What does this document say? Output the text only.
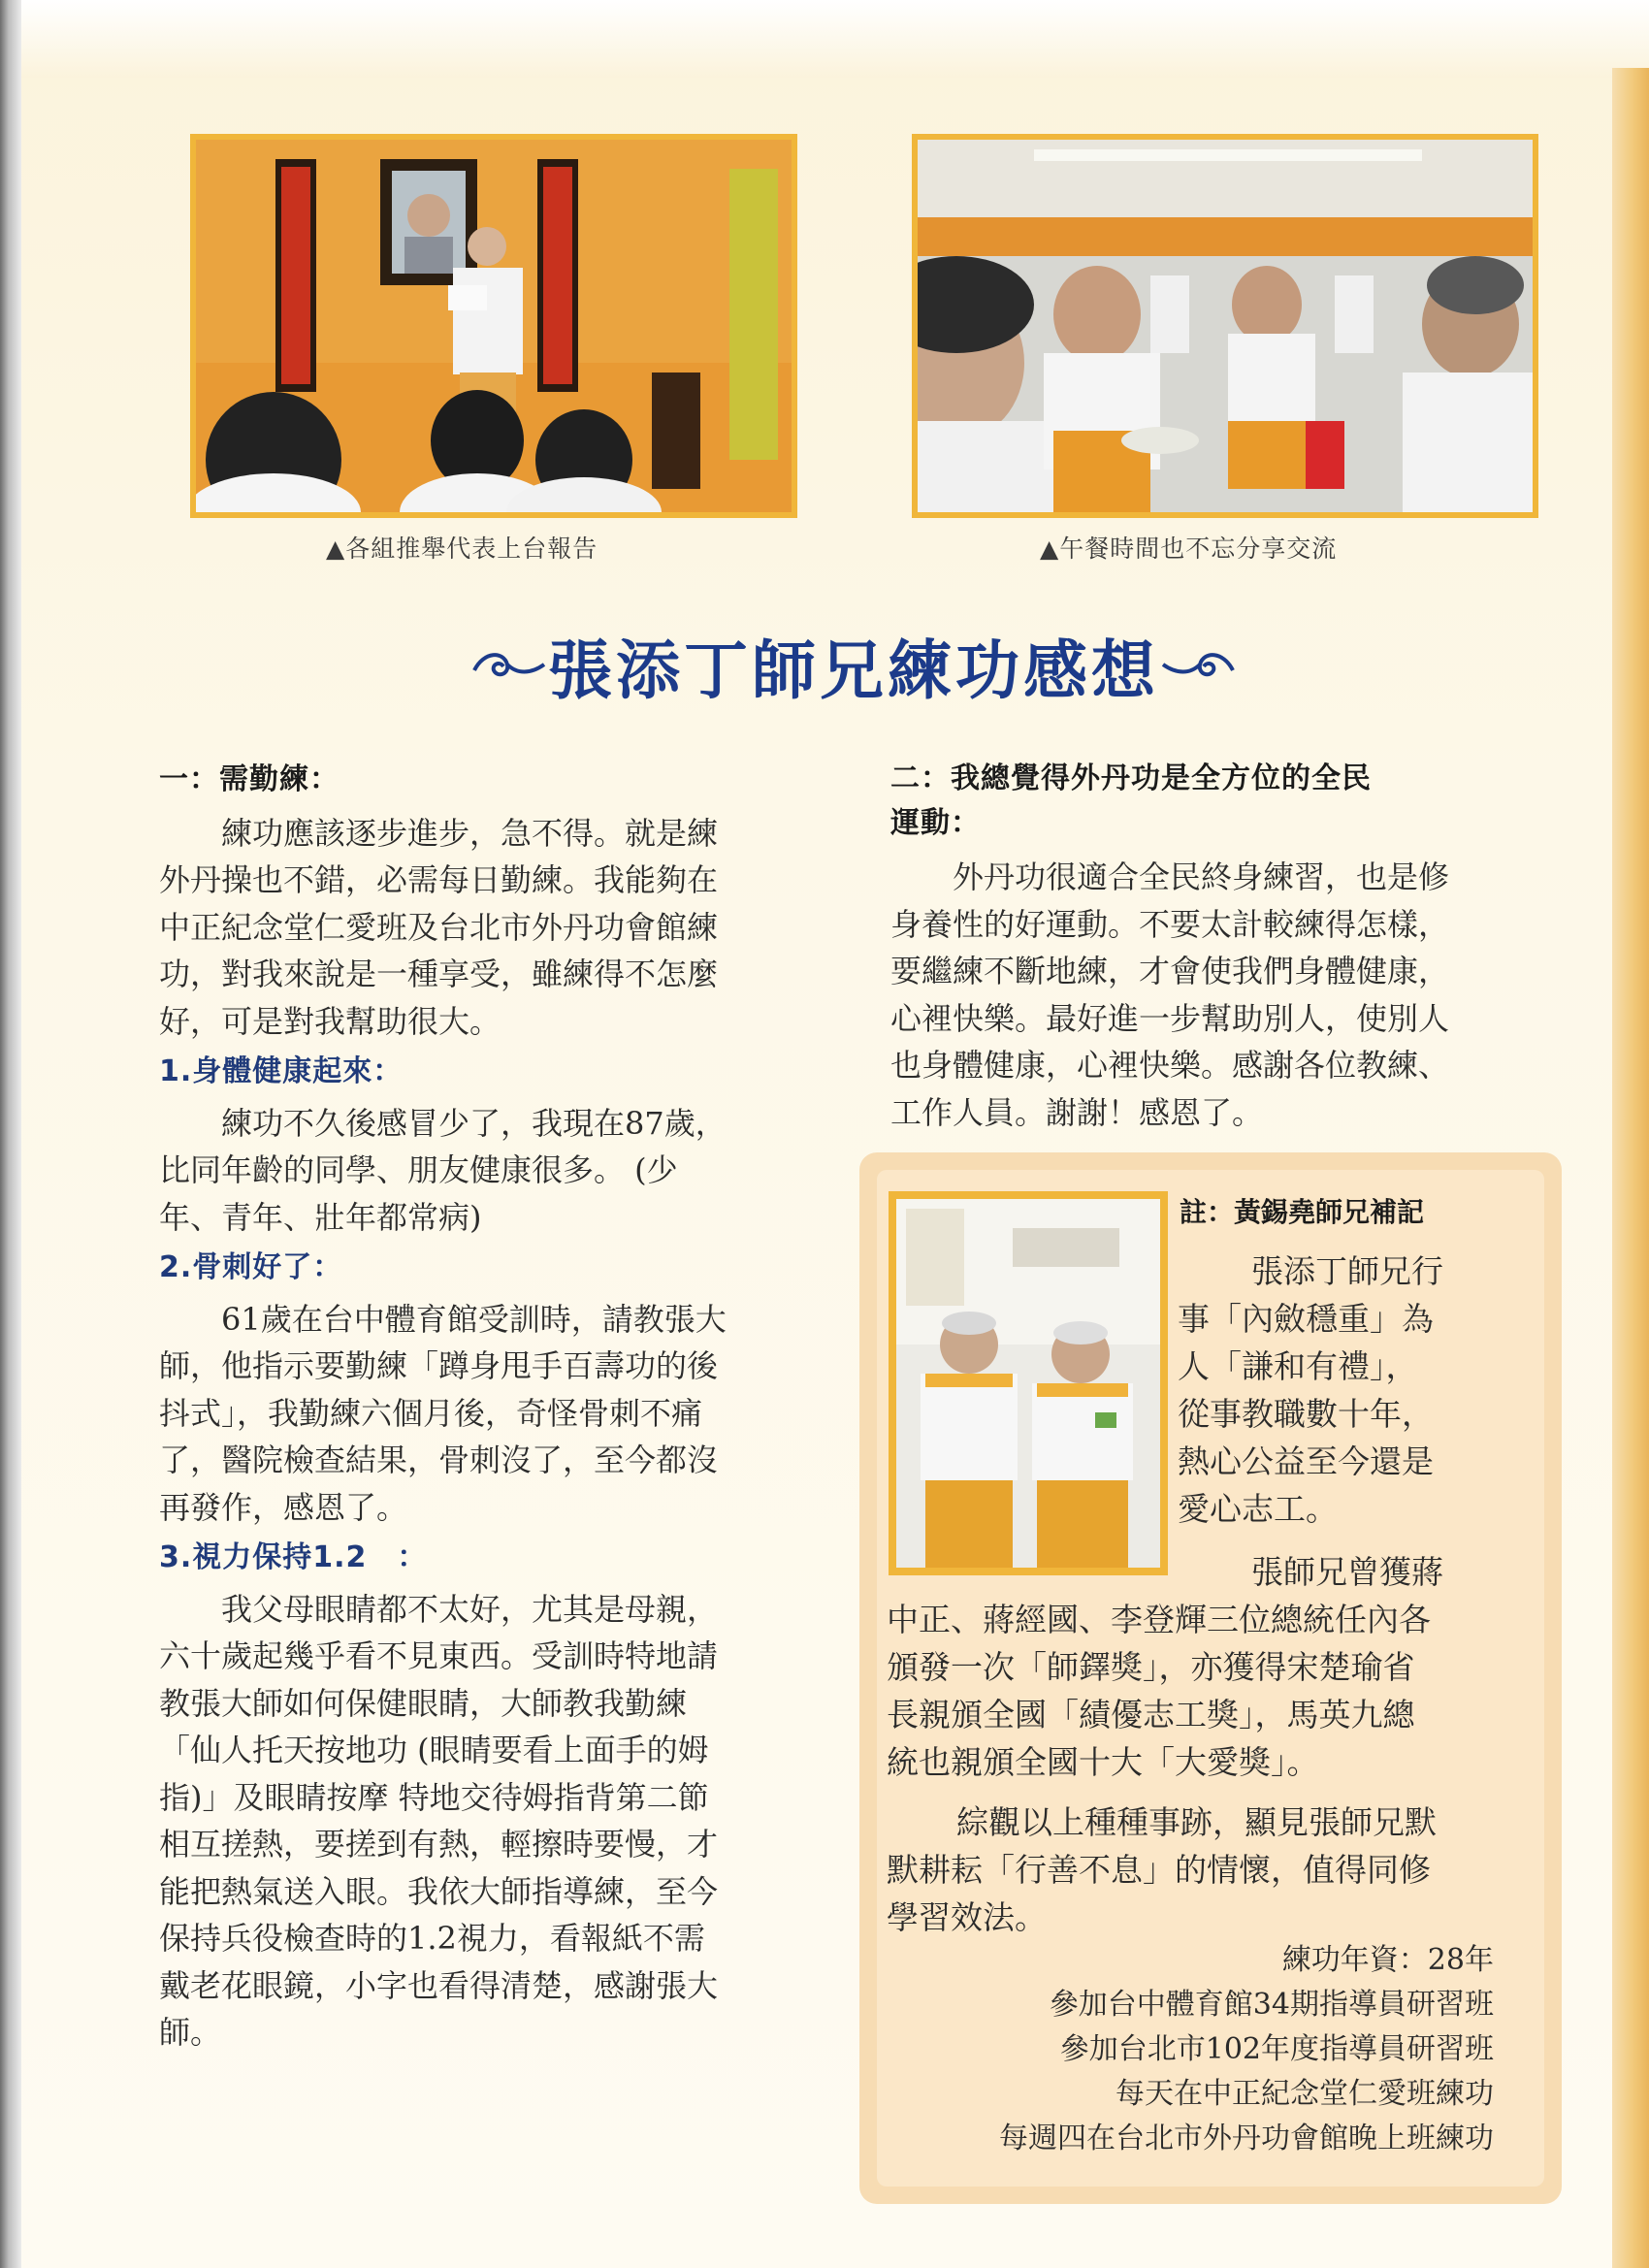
▲各組推舉代表上台報告	▲午餐時間也不忘分享交流
張添丁師兄練功感想
一：需勤練：
練功應該逐步進步，急不得。就是練
外丹操也不錯，必需每日勤練。我能夠在
中正紀念堂仁愛班及台北市外丹功會館練
功，對我來說是一種享受，雖練得不怎麼
好，可是對我幫助很大。
1.身體健康起來：
練功不久後感冒少了，我現在87歲，
比同年齡的同學、朋友健康很多。 (少
年、青年、壯年都常病)
2.骨刺好了：
61歲在台中體育館受訓時，請教張大
師，他指示要勤練「蹲身甩手百壽功的後
抖式」，我勤練六個月後，奇怪骨刺不痛
了，醫院檢查結果，骨刺沒了，至今都沒
再發作，感恩了。
3.視力保持1.2　：
我父母眼睛都不太好，尤其是母親，
六十歲起幾乎看不見東西。受訓時特地請
教張大師如何保健眼睛，大師教我勤練
「仙人托天按地功 (眼睛要看上面手的姆
指)」及眼睛按摩 特地交待姆指背第二節
相互搓熱，要搓到有熱，輕擦時要慢，才
能把熱氣送入眼。我依大師指導練，至今
保持兵役檢查時的1.2視力，看報紙不需
戴老花眼鏡，小字也看得清楚，感謝張大
師。
二：我總覺得外丹功是全方位的全民
運動：
外丹功很適合全民終身練習，也是修
身養性的好運動。不要太計較練得怎樣，
要繼練不斷地練，才會使我們身體健康，
心裡快樂。最好進一步幫助別人，使別人
也身體健康，心裡快樂。感謝各位教練、
工作人員。謝謝！感恩了。
註：黃錫堯師兄補記
張添丁師兄行
事「內斂穩重」為
人「謙和有禮」，
從事教職數十年，
熱心公益至今還是
愛心志工。
張師兄曾獲蔣
中正、蔣經國、李登輝三位總統任內各
頒發一次「師鐸獎」，亦獲得宋楚瑜省
長親頒全國「績優志工獎」，馬英九總
統也親頒全國十大「大愛獎」。
綜觀以上種種事跡，顯見張師兄默
默耕耘「行善不息」的情懷，值得同修
學習效法。
練功年資：28年
參加台中體育館34期指導員研習班
參加台北市102年度指導員研習班
每天在中正紀念堂仁愛班練功
每週四在台北市外丹功會館晚上班練功
